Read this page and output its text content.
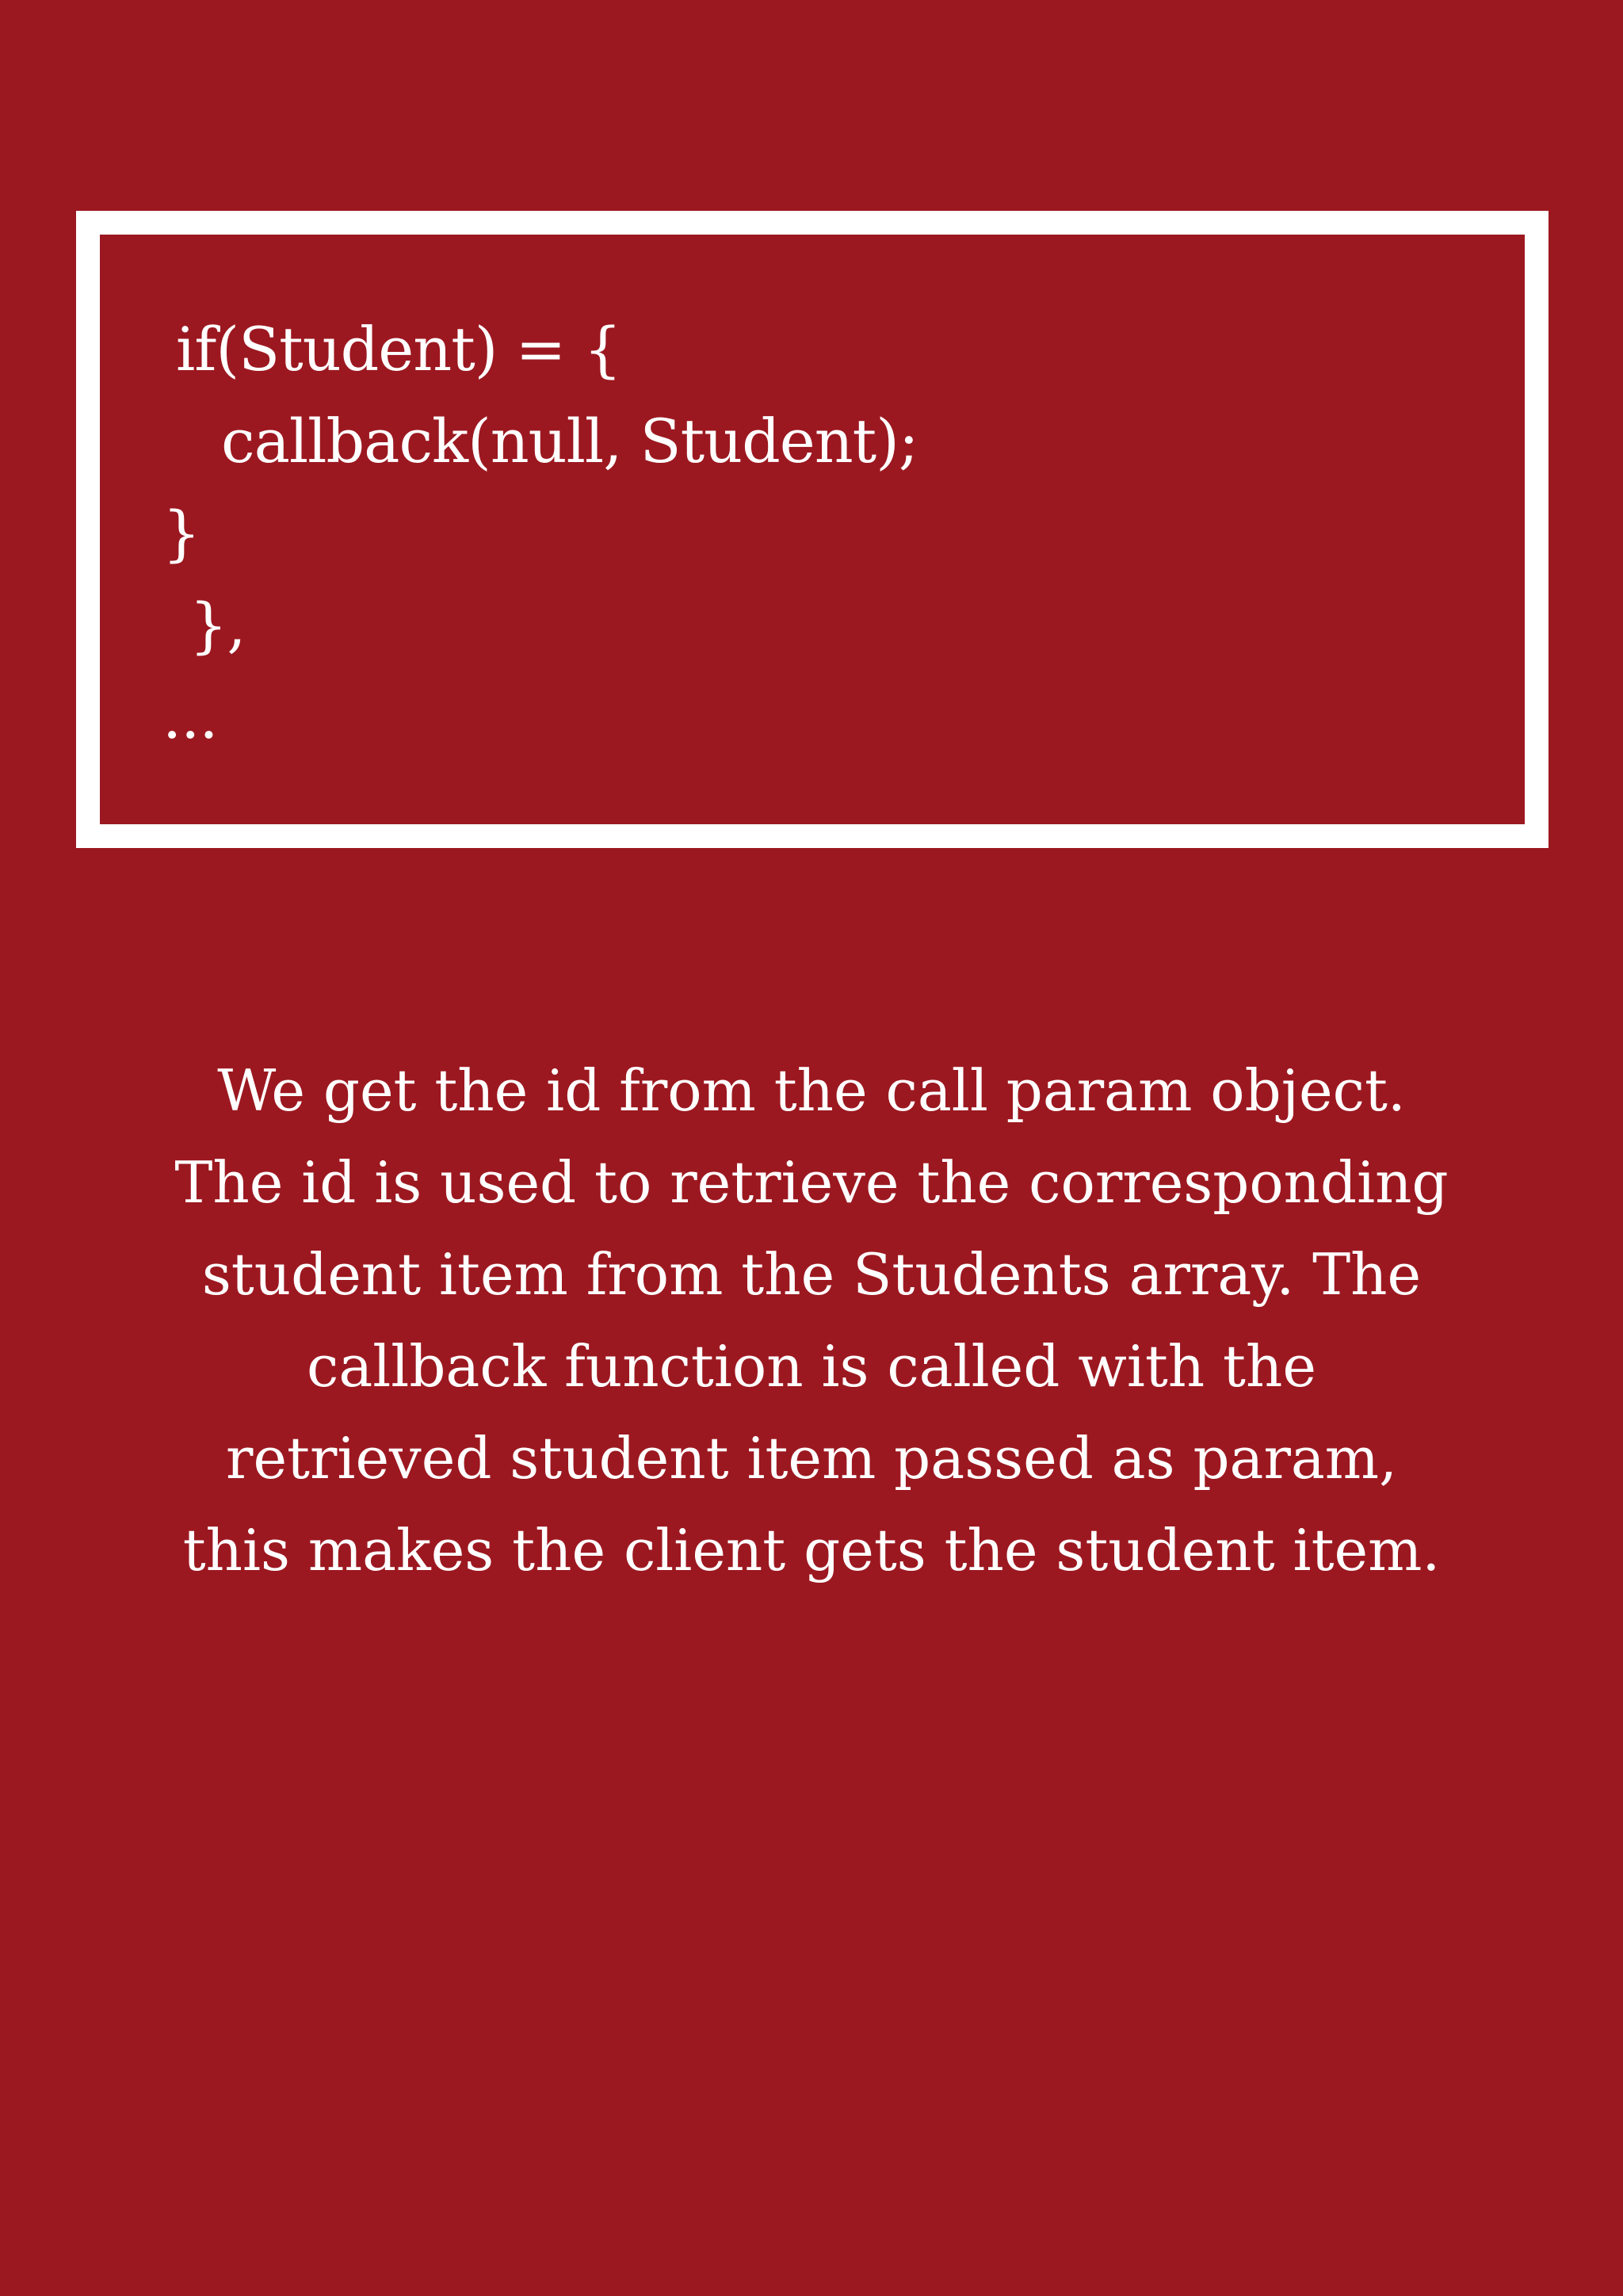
if(Student) = {
callback(null, Student);
}
},
...
We get the id from the call param object.
The id is used to retrieve the corresponding
student item from the Students array. The
callback function is called with the
retrieved student item passed as param,
this makes the client gets the student item.
